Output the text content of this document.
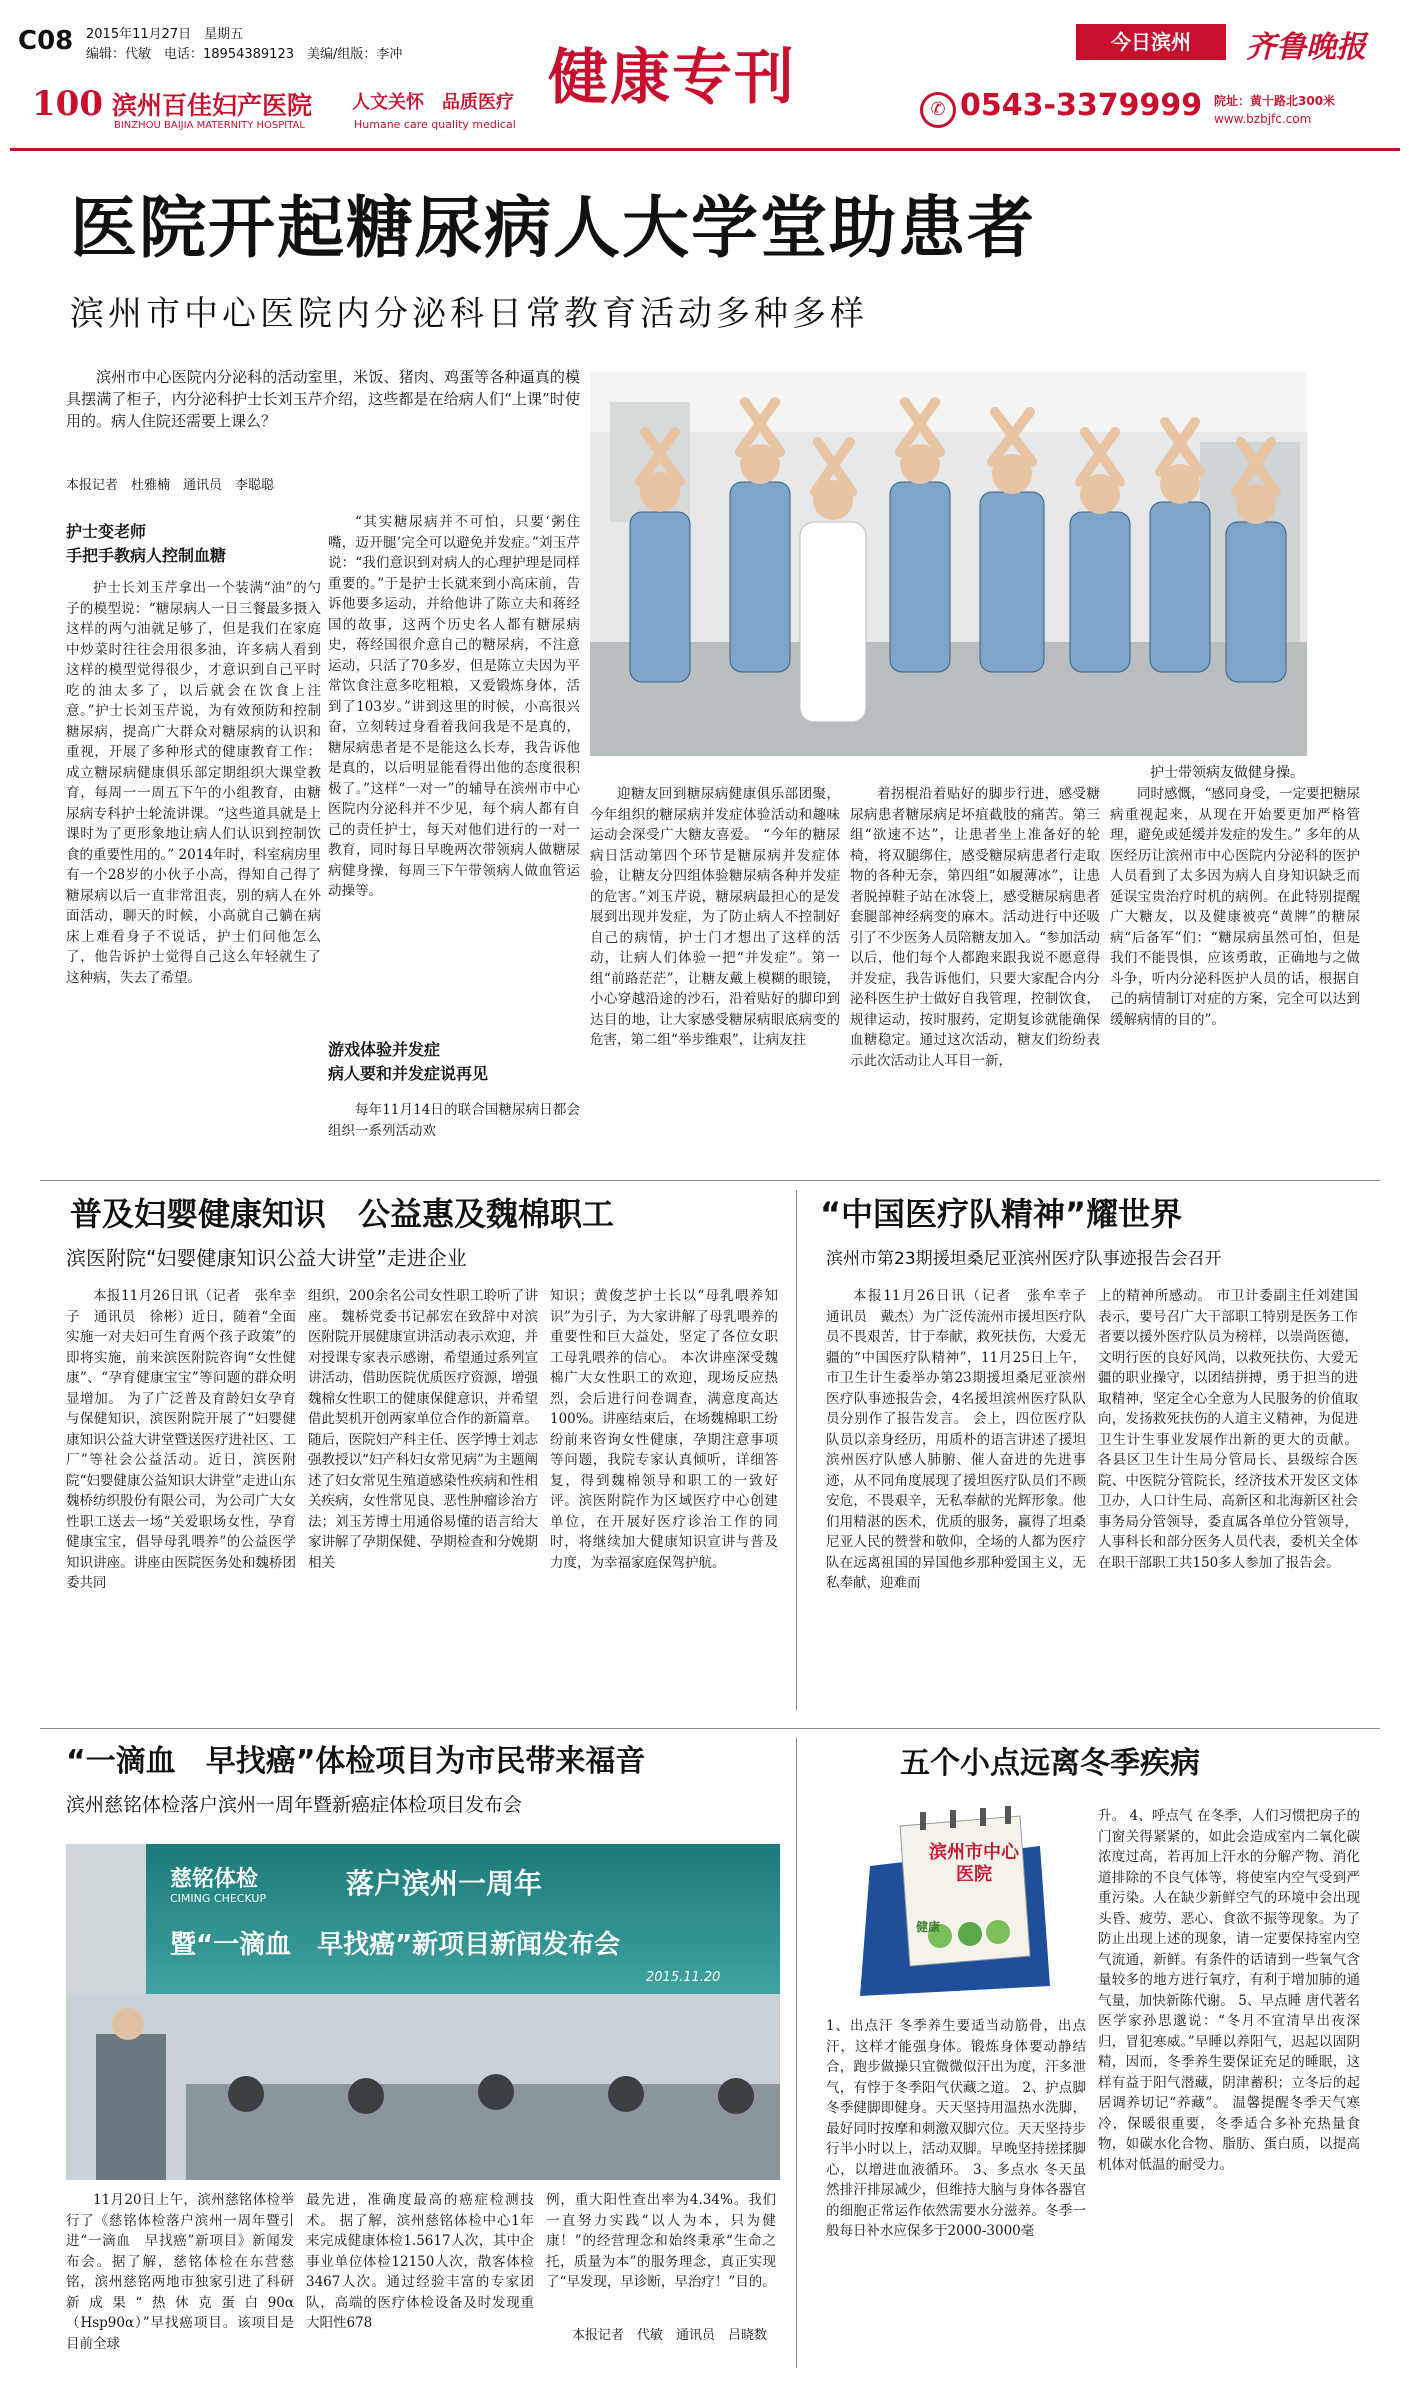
C08 2015年11月27日　星期五
编辑：代敏　电话：18954389123　美编/组版：李冲
100 滨州百佳妇产医院
BINZHOU BAIJIA MATERNITY HOSPITAL
人文关怀　品质医疗
Humane care quality medical
健康专刊
今日滨州	齐鲁晚报
✆ 0543-3379999 院址：黄十路北300米
www.bzbjfc.com
医院开起糖尿病人大学堂助患者
滨州市中心医院内分泌科日常教育活动多种多样

滨州市中心医院内分泌科的活动室里，米饭、猪肉、鸡蛋等各种逼真的模具摆满了柜子，内分泌科护士长刘玉芹介绍，这些都是在给病人们“上课”时使用的。病人住院还需要上课么？

本报记者　杜雅楠　通讯员　李聪聪
护士带领病友做健身操。
护士变老师
手把手教病人控制血糖

护士长刘玉芹拿出一个装满“油”的勺子的模型说：“糖尿病人一日三餐最多摄入这样的两勺油就足够了，但是我们在家庭中炒菜时往往会用很多油，许多病人看到这样的模型觉得很少，才意识到自己平时吃的油太多了，以后就会在饮食上注意。”护士长刘玉芹说，为有效预防和控制糖尿病，提高广大群众对糖尿病的认识和重视，开展了多种形式的健康教育工作：成立糖尿病健康俱乐部定期组织大课堂教育，每周一一周五下午的小组教育，由糖尿病专科护士轮流讲课。“这些道具就是上课时为了更形象地让病人们认识到控制饮食的重要性用的。” 2014年时，科室病房里有一个28岁的小伙子小高，得知自己得了糖尿病以后一直非常沮丧，别的病人在外面活动，聊天的时候，小高就自己躺在病床上难看身子不说话，护士们问他怎么了，他告诉护士觉得自己这么年轻就生了这种病，失去了希望。

“其实糖尿病并不可怕，只要‘粥住嘴，迈开腿’完全可以避免并发症。”刘玉芹说：“我们意识到对病人的心理护理是同样重要的。”于是护士长就来到小高床前，告诉他要多运动，并给他讲了陈立夫和蒋经国的故事，这两个历史名人都有糖尿病史，蒋经国很介意自己的糖尿病，不注意运动，只活了70多岁，但是陈立夫因为平常饮食注意多吃粗粮，又爱锻炼身体，活到了103岁。”讲到这里的时候，小高很兴奋，立刻转过身看着我问我是不是真的，糖尿病患者是不是能这么长寿，我告诉他是真的，以后明显能看得出他的态度很积极了。”这样“一对一”的辅导在滨州市中心医院内分泌科并不少见，每个病人都有自己的责任护士，每天对他们进行的一对一教育，同时每日早晚两次带领病人做糖尿病健身操，每周三下午带领病人做血管运动操等。

游戏体验并发症
病人要和并发症说再见

每年11月14日的联合国糖尿病日都会组织一系列活动欢

迎糖友回到糖尿病健康俱乐部团聚，今年组织的糖尿病并发症体验活动和趣味运动会深受广大糖友喜爱。 “今年的糖尿病日活动第四个环节是糖尿病并发症体验，让糖友分四组体验糖尿病各种并发症的危害。”刘玉芹说，糖尿病最担心的是发展到出现并发症，为了防止病人不控制好自己的病情，护士门才想出了这样的活动，让病人们体验一把“并发症”。第一组“前路茫茫”，让糖友戴上模糊的眼镜，小心穿越沿途的沙石，沿着贴好的脚印到达目的地，让大家感受糖尿病眼底病变的危害，第二组“举步维艰”，让病友拄

着拐棍沿着贴好的脚步行进，感受糖尿病患者糖尿病足坏疽截肢的痛苦。第三组“欲速不达”，让患者坐上准备好的轮椅，将双腿绑住，感受糖尿病患者行走取物的各种无奈，第四组“如履薄冰”，让患者脱掉鞋子站在冰袋上，感受糖尿病患者套腿部神经病变的麻木。活动进行中还吸引了不少医务人员陪糖友加入。“参加活动以后，他们每个人都跑来跟我说不愿意得并发症，我告诉他们，只要大家配合内分泌科医生护士做好自我管理，控制饮食，规律运动，按时服药，定期复诊就能确保血糖稳定。通过这次活动，糖友们纷纷表示此次活动让人耳目一新，

同时感慨，“感同身受，一定要把糖尿病重视起来，从现在开始要更加严格管理，避免或延缓并发症的发生。” 多年的从医经历让滨州市中心医院内分泌科的医护人员看到了太多因为病人自身知识缺乏而延误宝贵治疗时机的病例。在此特别提醒广大糖友，以及健康被亮“黄牌”的糖尿病“后备军”们：“糖尿病虽然可怕，但是我们不能畏惧，应该勇敢，正确地与之做斗争，听内分泌科医护人员的话，根据自己的病情制订对症的方案，完全可以达到缓解病情的目的”。

普及妇婴健康知识　公益惠及魏棉职工
滨医附院“妇婴健康知识公益大讲堂”走进企业

本报11月26日讯（记者　张牟幸子　通讯员　徐彬）近日，随着“全面实施一对夫妇可生育两个孩子政策”的即将实施，前来滨医附院咨询“女性健康”、“孕育健康宝宝”等问题的群众明显增加。 为了广泛普及育龄妇女孕育与保健知识，滨医附院开展了“妇婴健康知识公益大讲堂暨送医疗进社区、工厂”等社会公益活动。近日，滨医附院“妇婴健康公益知识大讲堂”走进山东魏桥纺织股份有限公司，为公司广大女性职工送去一场“关爱职场女性，孕育健康宝宝，倡导母乳喂养”的公益医学知识讲座。讲座由医院医务处和魏桥团委共同

组织，200余名公司女性职工聆听了讲座。 魏桥党委书记郝宏在致辞中对滨医附院开展健康宣讲活动表示欢迎，并对授课专家表示感谢，希望通过系列宣讲活动，借助医院优质医疗资源，增强魏棉女性职工的健康保健意识，并希望借此契机开创两家单位合作的新篇章。随后，医院妇产科主任、医学博士刘志强教授以“妇产科妇女常见病”为主题阐述了妇女常见生殖道感染性疾病和性相关疾病，女性常见良、恶性肿瘤诊治方法；刘玉芳博士用通俗易懂的语言给大家讲解了孕期保健、孕期检查和分娩期相关

知识；黄俊芝护士长以“母乳喂养知识”为引子，为大家讲解了母乳喂养的重要性和巨大益处，坚定了各位女职工母乳喂养的信心。 本次讲座深受魏棉广大女性职工的欢迎，现场反应热烈，会后进行问卷调查，满意度高达100%。讲座结束后，在场魏棉职工纷纷前来咨询女性健康，孕期注意事项等问题，我院专家认真倾听，详细答复，得到魏棉领导和职工的一致好评。滨医附院作为区域医疗中心创建单位，在开展好医疗诊治工作的同时，将继续加大健康知识宣讲与普及力度，为幸福家庭保驾护航。

“中国医疗队精神”耀世界
滨州市第23期援坦桑尼亚滨州医疗队事迹报告会召开

本报11月26日讯（记者　张牟幸子　通讯员　戴杰）为广泛传流州市援坦医疗队员不畏艰苦，甘于奉献，救死扶伤，大爱无疆的“中国医疗队精神”，11月25日上午，市卫生计生委举办第23期援坦桑尼亚滨州医疗队事迹报告会，4名援坦滨州医疗队队员分别作了报告发言。 会上，四位医疗队队员以亲身经历，用质朴的语言讲述了援坦滨州医疗队感人肺腑、催人奋进的先进事迹，从不同角度展现了援坦医疗队员们不顾安危，不畏艰辛，无私奉献的光辉形象。他们用精湛的医术，优质的服务，赢得了坦桑尼亚人民的赞誉和敬仰，全场的人都为医疗队在远离祖国的异国他乡那种爱国主义，无私奉献，迎难而

上的精神所感动。 市卫计委副主任刘建国表示，要号召广大干部职工特别是医务工作者要以援外医疗队员为榜样，以崇尚医德，文明行医的良好风尚，以救死扶伤、大爱无疆的职业操守，以团结拼搏，勇于担当的进取精神，坚定全心全意为人民服务的价值取向，发扬救死扶伤的人道主义精神，为促进卫生计生事业发展作出新的更大的贡献。 各县区卫生计生局分管局长、县级综合医院、中医院分管院长，经济技术开发区文体卫办，人口计生局、高新区和北海新区社会事务局分管领导，委直属各单位分管领导，人事科长和部分医务人员代表，委机关全体在职干部职工共150多人参加了报告会。

“一滴血　早找癌”体检项目为市民带来福音
滨州慈铭体检落户滨州一周年暨新癌症体检项目发布会
慈铭体检
CIMING CHECKUP	落户滨州一周年
暨“一滴血　早找癌”新项目新闻发布会
2015.11.20

11月20日上午，滨州慈铭体检举行了《慈铭体检落户滨州一周年暨引进“一滴血　早找癌”新项目》新闻发布会。据了解，慈铭体检在东营慈铭，滨州慈铭两地市独家引进了科研新成果“热休克蛋白90α（Hsp90α）”早找癌项目。该项目是目前全球

最先进，准确度最高的癌症检测技术。 据了解，滨州慈铭体检中心1年来完成健康体检1.5617人次，其中企事业单位体检12150人次，散客体检3467人次。通过经验丰富的专家团队，高端的医疗体检设备及时发现重大阳性678

例，重大阳性查出率为4.34%。我们一直努力实践“以人为本，只为健康！”的经营理念和始终秉承“生命之托，质量为本”的服务理念，真正实现了“早发现，早诊断，早治疗！”目的。

本报记者　代敏　通讯员　吕晓数
五个小点远离冬季疾病
滨州市中心医院
健康

1、出点汗 冬季养生要适当动筋骨，出点汗，这样才能强身体。锻炼身体要动静结合，跑步做操只宜微微似汗出为度，汗多泄气，有悖于冬季阳气伏藏之道。 2、护点脚 冬季健脚即健身。天天坚持用温热水洗脚，最好同时按摩和刺激双脚穴位。天天坚持步行半小时以上，活动双脚。早晚坚持搓揉脚心，以增进血液循环。 3、多点水 冬天虽然排汗排尿减少，但维持大脑与身体各器官的细胞正常运作依然需要水分滋养。冬季一般每日补水应保多于2000-3000毫

升。 4、呼点气 在冬季，人们习惯把房子的门窗关得紧紧的，如此会造成室内二氧化碳浓度过高，若再加上汗水的分解产物、消化道排除的不良气体等，将使室内空气受到严重污染。人在缺少新鲜空气的环境中会出现头昏、疲劳、恶心、食欲不振等现象。为了防止出现上述的现象，请一定要保持室内空气流通，新鲜。有条件的话请到一些氧气含量较多的地方进行氧疗，有利于增加肺的通气量，加快新陈代谢。 5、早点睡 唐代著名医学家孙思邈说：“冬月不宜清早出夜深归，冒犯寒威。”早睡以养阳气，迟起以固阴精，因而，冬季养生要保证充足的睡眠，这样有益于阳气潜藏，阴津蓄积；立冬后的起居调养切记“养藏”。 温馨提醒冬季天气寒冷，保暖很重要，冬季适合多补充热量食物，如碳水化合物、脂肪、蛋白质，以提高机体对低温的耐受力。
